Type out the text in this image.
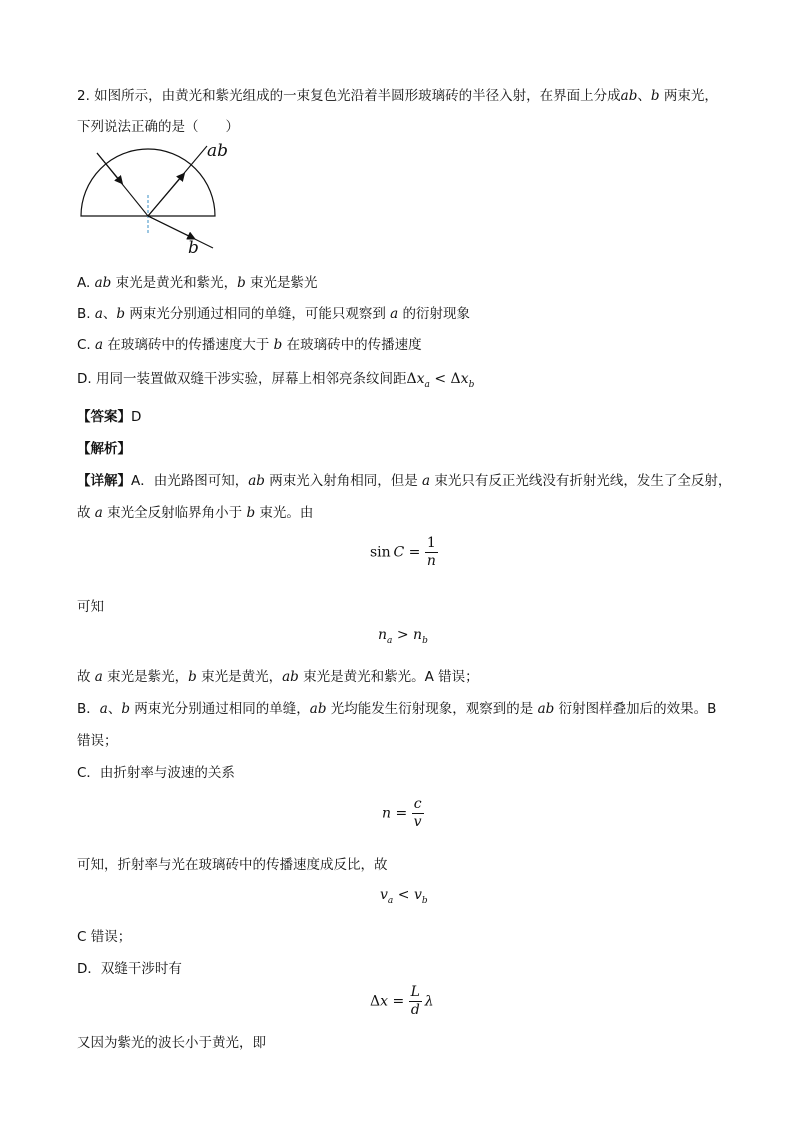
2. 如图所示，由黄光和紫光组成的一束复色光沿着半圆形玻璃砖的半径入射，在界面上分成ab、b 两束光，
下列说法正确的是（　　）
ab
b
A. ab 束光是黄光和紫光，b 束光是紫光
B. a、b 两束光分别通过相同的单缝，可能只观察到 a 的衍射现象
C. a 在玻璃砖中的传播速度大于 b 在玻璃砖中的传播速度
D. 用同一装置做双缝干涉实验，屏幕上相邻亮条纹间距$\Delta x_a < \Delta x_b$
【答案】D
【解析】
【详解】A．由光路图可知，ab 两束光入射角相同，但是 a 束光只有反正光线没有折射光线，发生了全反射，
故 a 束光全反射临界角小于 b 束光。由
$\sin C = \frac{1}{n}$
可知
$n_a > n_b$
故 a 束光是紫光，b 束光是黄光，ab 束光是黄光和紫光。A 错误；
B．a、b 两束光分别通过相同的单缝，ab 光均能发生衍射现象，观察到的是 ab 衍射图样叠加后的效果。B
错误；
C．由折射率与波速的关系
$n = \frac{c}{v}$
可知，折射率与光在玻璃砖中的传播速度成反比，故
$v_a < v_b$
C 错误；
D．双缝干涉时有
$\Delta x = \frac{L}{d}$
  λ
又因为紫光的波长小于黄光，即
